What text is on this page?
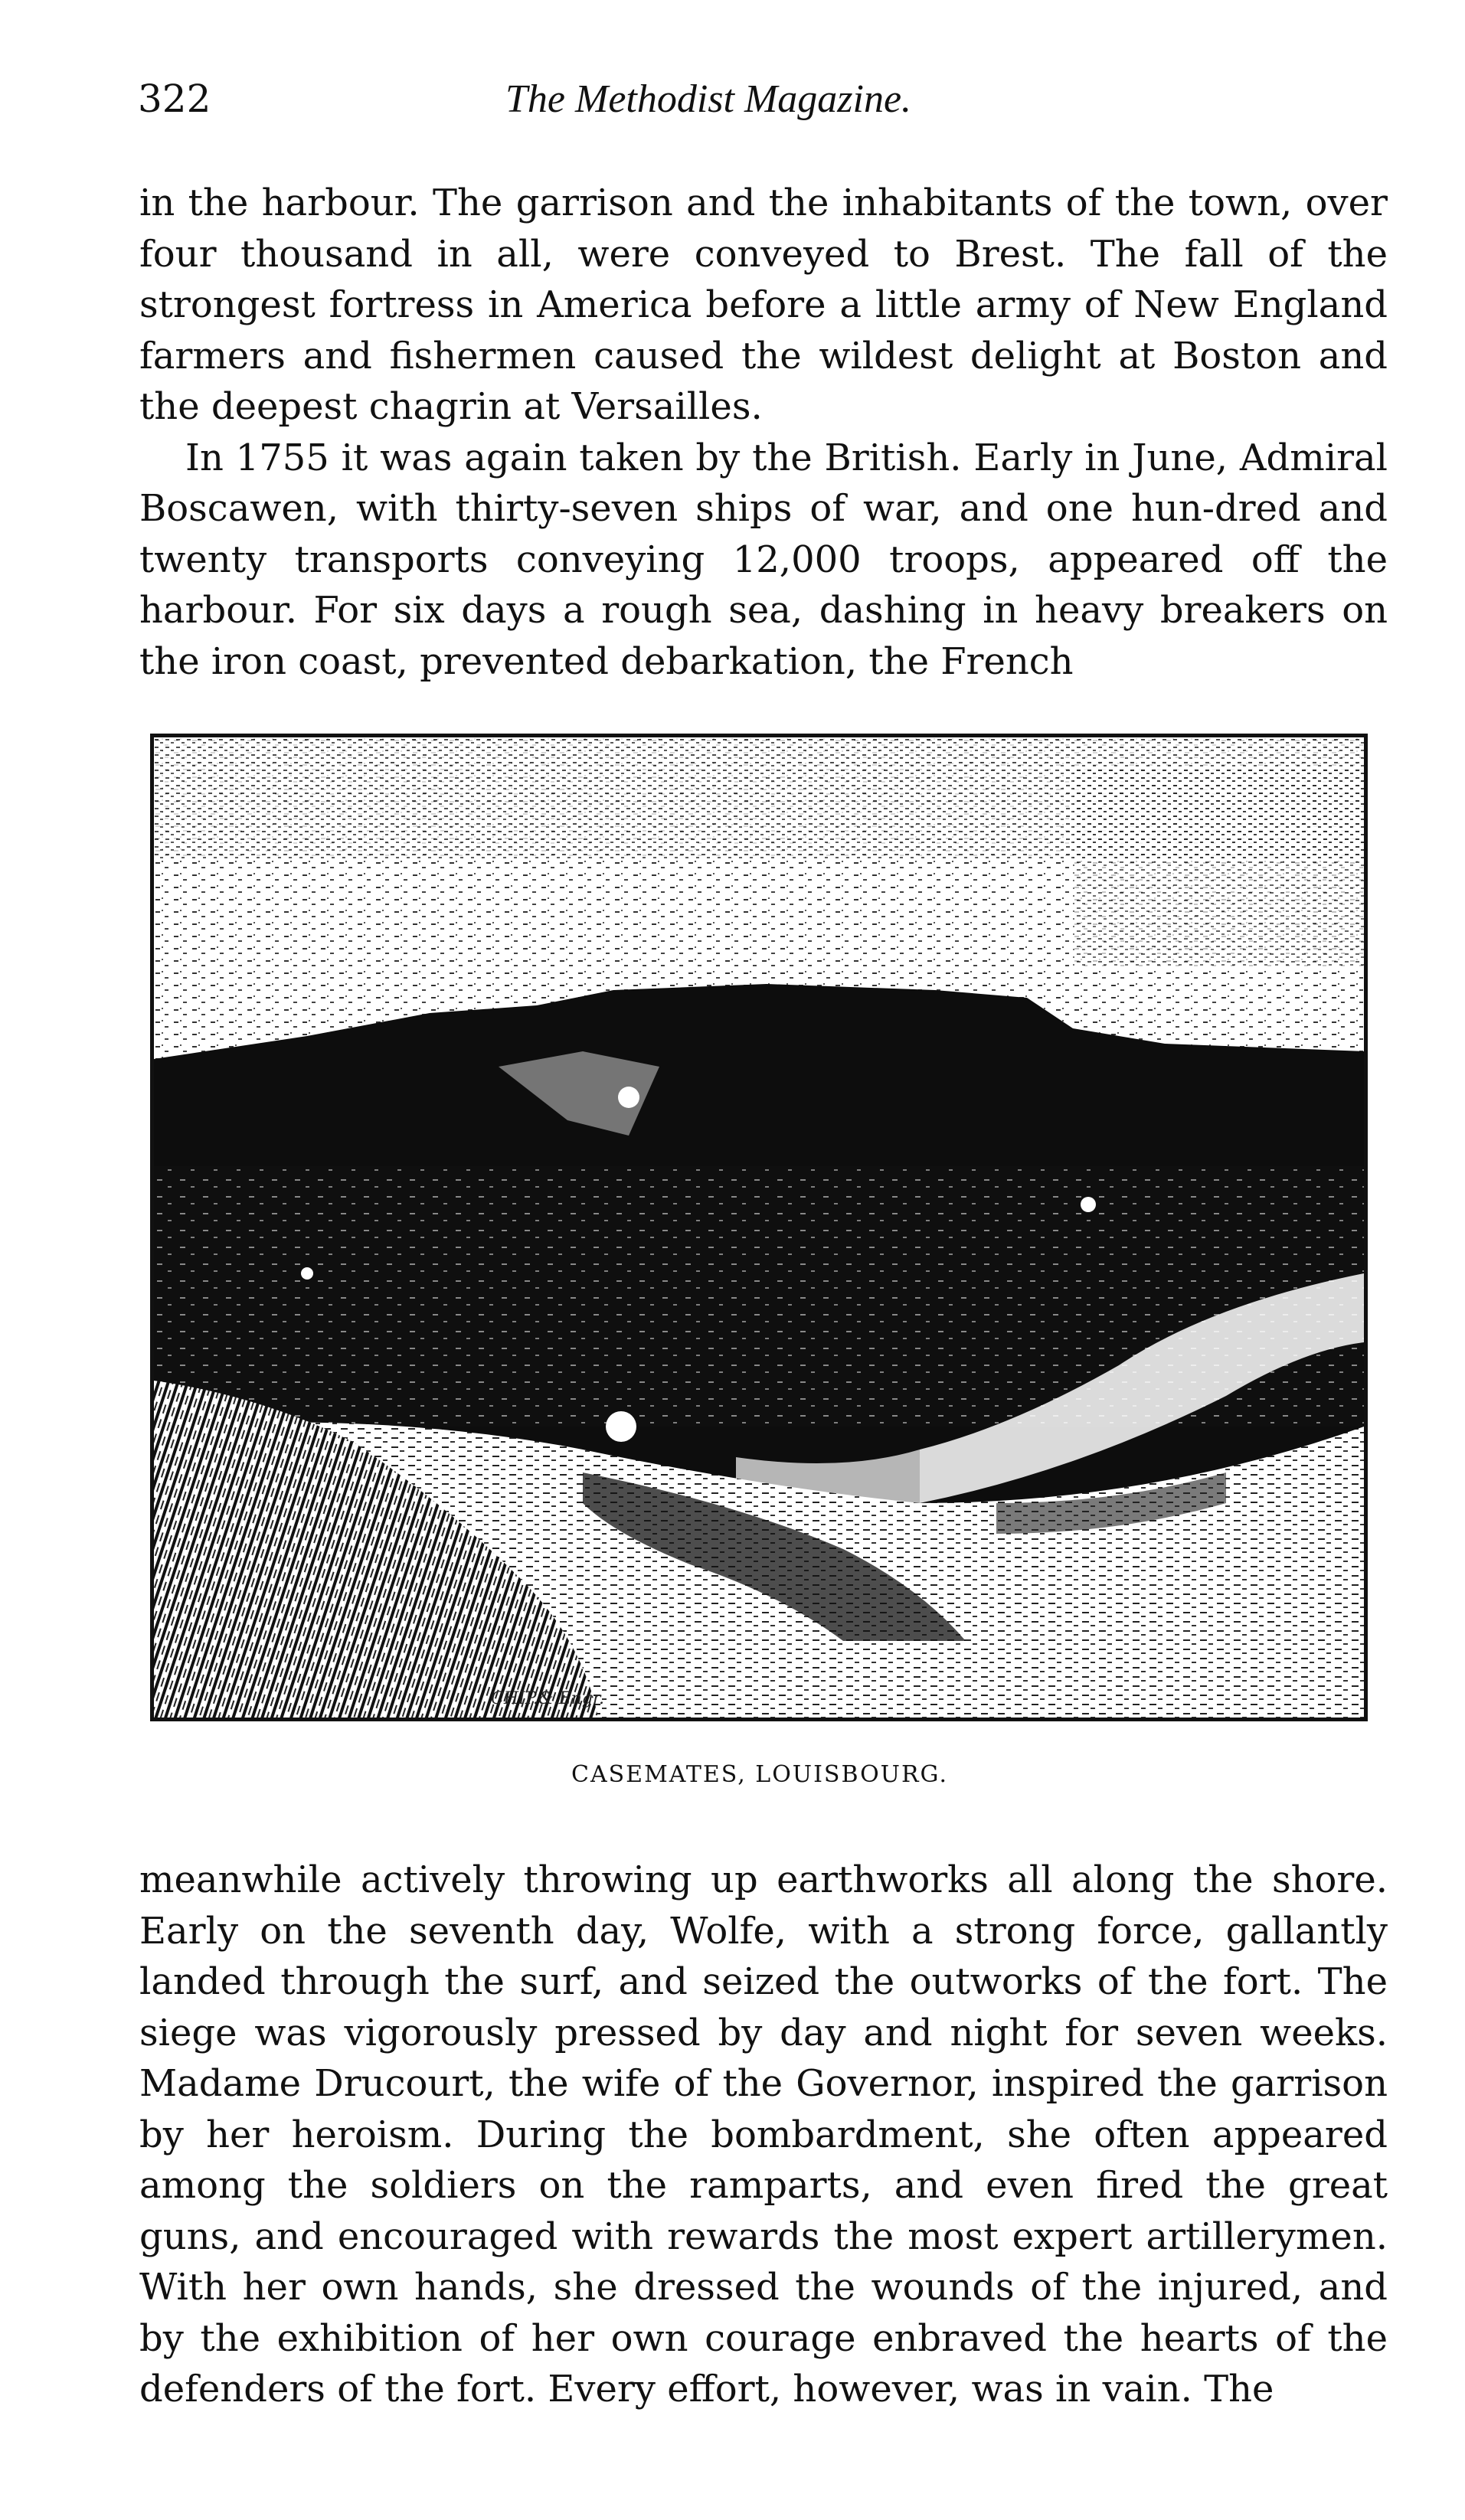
322	The Methodist Magazine.

in the harbour. The garrison and the inhabitants of the town, over four thousand in all, were conveyed to Brest. The fall of the strongest fortress in America before a little army of New England farmers and fishermen caused the wildest delight at Boston and the deepest chagrin at Versailles.

In 1755 it was again taken by the British. Early in June, Admiral Boscawen, with thirty-seven ships of war, and one hun-dred and twenty transports conveying 12,000 troops, appeared off the harbour. For six days a rough sea, dashing in heavy breakers on the iron coast, prevented debarkation, the French

CHIP.&.Engr.
CASEMATES, LOUISBOURG.

meanwhile actively throwing up earthworks all along the shore. Early on the seventh day, Wolfe, with a strong force, gallantly landed through the surf, and seized the outworks of the fort. The siege was vigorously pressed by day and night for seven weeks. Madame Drucourt, the wife of the Governor, inspired the garrison by her heroism. During the bombardment, she often appeared among the soldiers on the ramparts, and even fired the great guns, and encouraged with rewards the most expert artillerymen. With her own hands, she dressed the wounds of the injured, and by the exhibition of her own courage enbraved the hearts of the defenders of the fort. Every effort, however, was in vain. The
